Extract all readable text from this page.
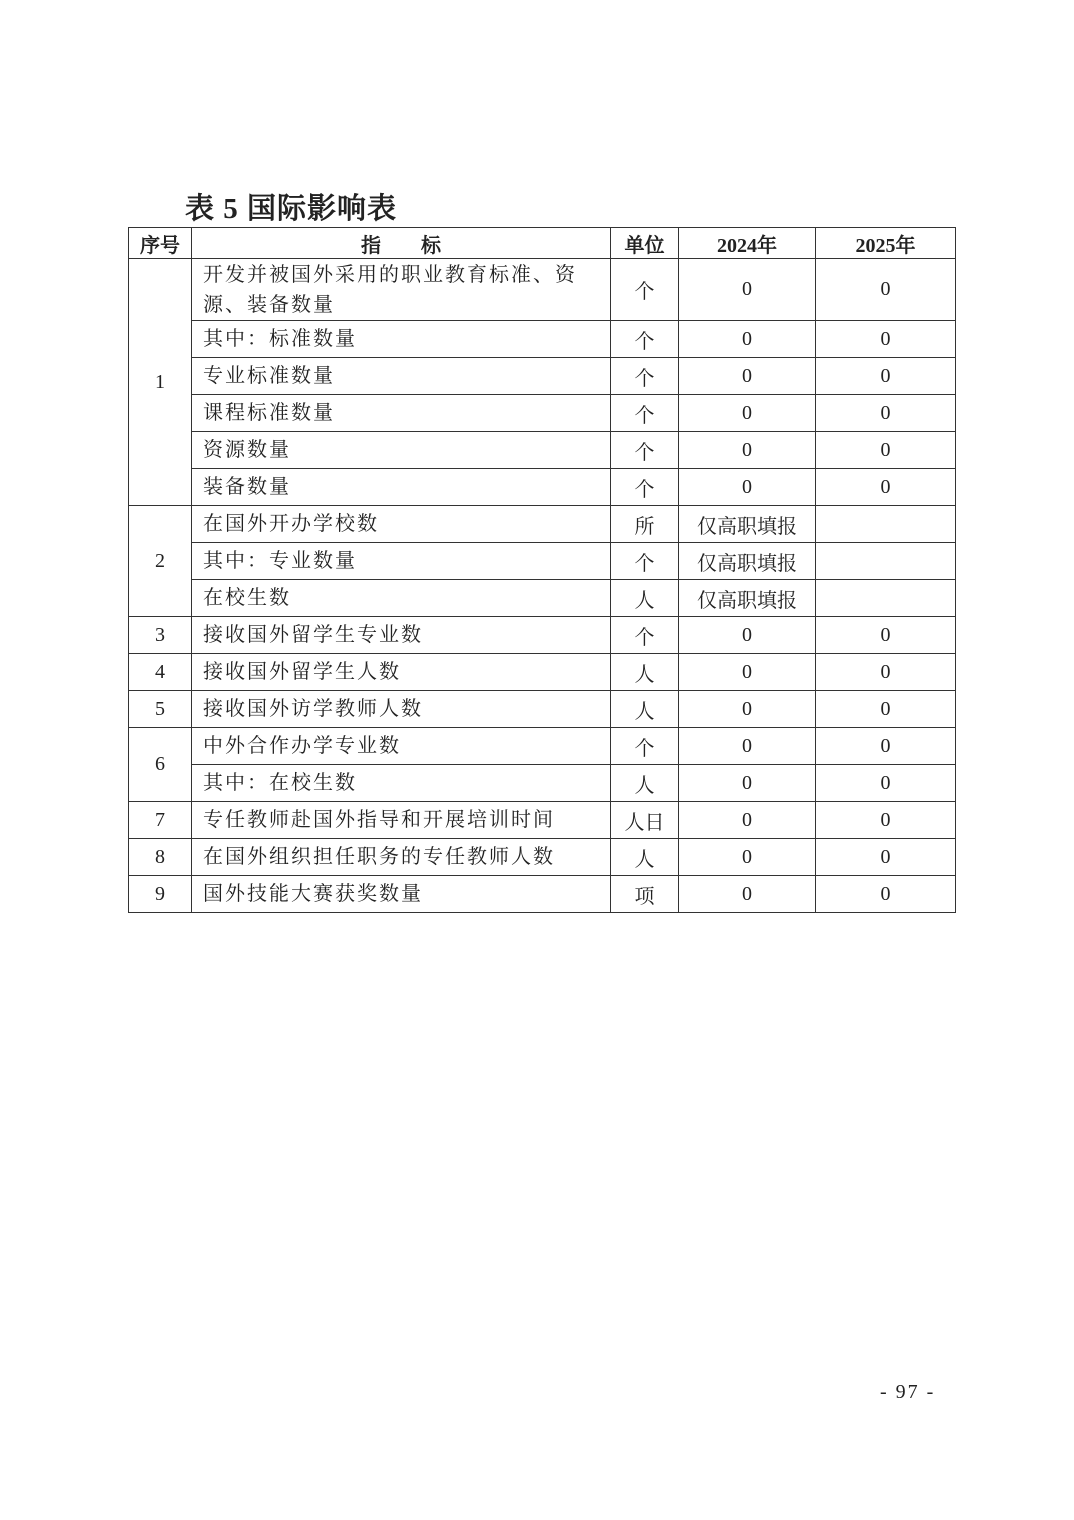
表 5 国际影响表
序号	指　　标	单位	2024年	2025年
1	开发并被国外采用的职业教育标准、资源、装备数量	个	0	0
	其中：标准数量	个	0	0
	专业标准数量	个	0	0
	课程标准数量	个	0	0
	资源数量	个	0	0
	装备数量	个	0	0
2	在国外开办学校数	所	仅高职填报	
	其中：专业数量	个	仅高职填报	
	在校生数	人	仅高职填报	
3	接收国外留学生专业数	个	0	0
4	接收国外留学生人数	人	0	0
5	接收国外访学教师人数	人	0	0
6	中外合作办学专业数	个	0	0
	其中：在校生数	人	0	0
7	专任教师赴国外指导和开展培训时间	人日	0	0
8	在国外组织担任职务的专任教师人数	人	0	0
9	国外技能大赛获奖数量	项	0	0
- 97 -
